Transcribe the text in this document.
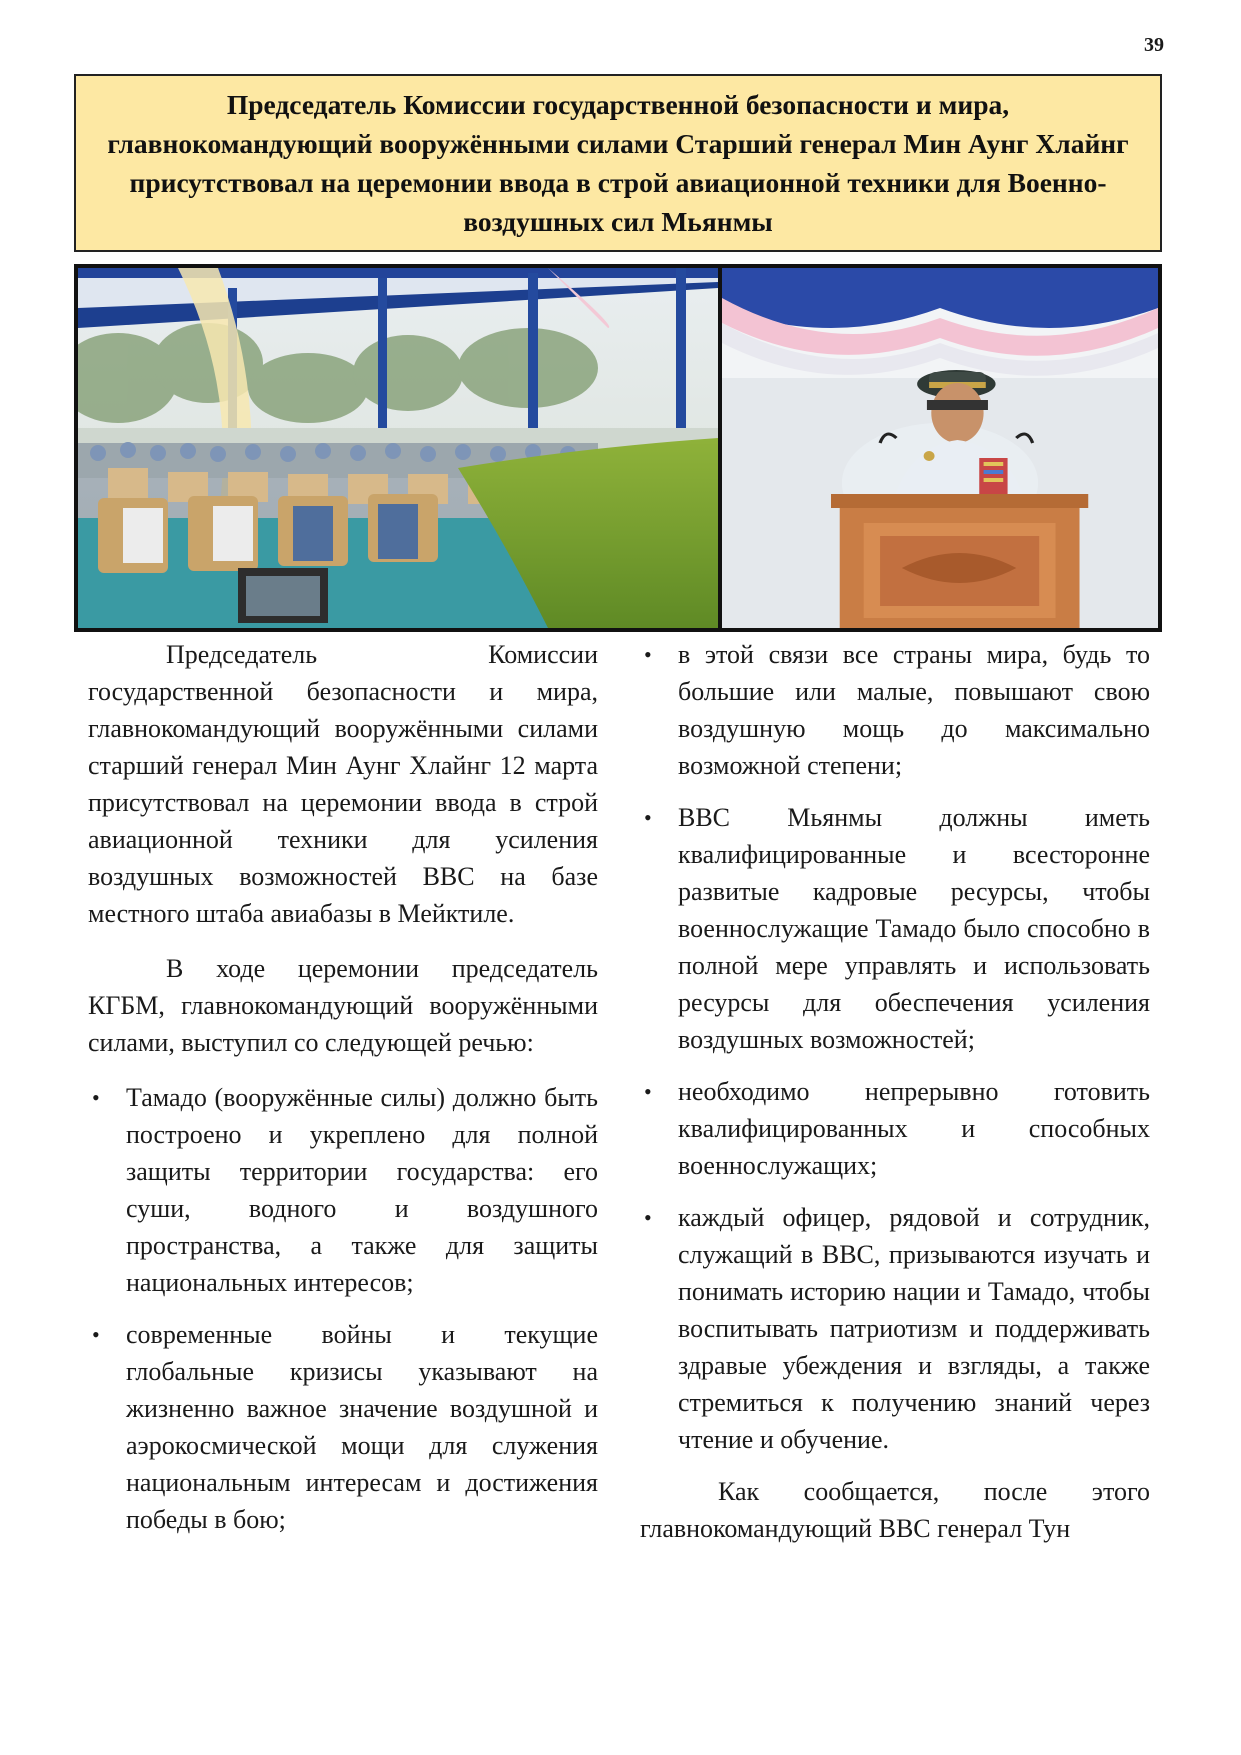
39
Председатель Комиссии государственной безопасности и мира, главнокомандующий вооружёнными силами Старший генерал Мин Аунг Хлайнг присутствовал на церемонии ввода в строй авиационной техники для Военно-воздушных сил Мьянмы

Председатель Комиссии государственной безопасности и мира, главнокомандующий вооружёнными силами старший генерал Мин Аунг Хлайнг 12 марта присутствовал на церемонии ввода в строй авиационной техники для усиления воздушных возможностей ВВС на базе местного штаба авиабазы в Мейктиле.

В ходе церемонии председатель КГБМ, главнокомандующий вооружёнными силами, выступил со следующей речью:

• Тамадо (вооружённые силы) должно быть построено и укреплено для полной защиты территории государства: его суши, водного и воздушного пространства, а также для защиты национальных интересов;
• современные войны и текущие глобальные кризисы указывают на жизненно важное значение воздушной и аэрокосмической мощи для служения национальным интересам и достижения победы в бою;
• в этой связи все страны мира, будь то большие или малые, повышают свою воздушную мощь до максимально возможной степени;
• ВВС Мьянмы должны иметь квалифицированные и всесторонне развитые кадровые ресурсы, чтобы военнослужащие Тамадо было способно в полной мере управлять и использовать ресурсы для обеспечения усиления воздушных возможностей;
• необходимо непрерывно готовить квалифицированных и способных военнослужащих;
• каждый офицер, рядовой и сотрудник, служащий в ВВС, призываются изучать и понимать историю нации и Тамадо, чтобы воспитывать патриотизм и поддерживать здравые убеждения и взгляды, а также стремиться к получению знаний через чтение и обучение.

Как сообщается, после этого главнокомандующий ВВС генерал Тун
